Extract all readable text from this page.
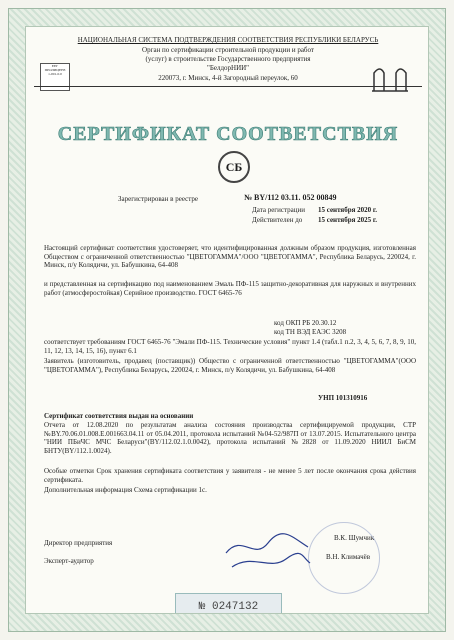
ЕЕГ
ПРОЛИЦЕНЗ
1-001-0.0
НАЦИОНАЛЬНАЯ СИСТЕМА ПОДТВЕРЖДЕНИЯ СООТВЕТСТВИЯ РЕСПУБЛИКИ БЕЛАРУСЬ
Орган по сертификации строительной продукции и работ
(услуг) в строительстве Государственного предприятия
"БелдорНИИ"
220073, г. Минск, 4-й Загородный переулок, 60
СЕРТИФИКАТ СООТВЕТСТВИЯ
СБ
Зарегистрирован в реестре	№ BY/112 03.11. 052 00849
Дата регистрации 15 сентября 2020 г.
Действителен до 15 сентября 2025 г.
Настоящий сертификат соответствия удостоверяет, что идентифицированная должным образом продукция, изготовленная Обществом с ограниченной ответственностью "ЦВЕТОГАММА"/ООО "ЦВЕТОГАММА", Республика Беларусь, 220024, г. Минск, п/у Колядичи, ул. Бабушкина, 64-408
и представленная на сертификацию под наименованием Эмаль ПФ-115 защитно-декоративная для наружных и внутренних работ (атмосферостойкая) Серийное производство. ГОСТ 6465-76
код ОКП РБ 20.30.12
код ТН ВЭД ЕАЭС 3208
соответствует требованиям ГОСТ 6465-76 "Эмали ПФ-115. Технические условия" пункт 1.4 (табл.1 п.2, 3, 4, 5, 6, 7, 8, 9, 10, 11, 12, 13, 14, 15, 16), пункт 6.1
Заявитель (изготовитель, продавец (поставщик)) Общество с ограниченной ответственностью "ЦВЕТОГАММА"(ООО "ЦВЕТОГАММА"), Республика Беларусь, 220024, г. Минск, п/у Колядичи, ул. Бабушкина, 64-408
УНП 101310916
Сертификат соответствия выдан на основании
Отчета от 12.08.2020 по результатам анализа состояния производства сертифицируемой продукции, СТР №BY.70.06.01.008.Е.001663.04.11 от 05.04.2011, протокола испытаний №04-52/987П от 13.07.2015. Испытательного центра "НИИ ПБиЧС МЧС Беларуси"(BY/112.02.1.0.0042), протокола испытаний №2828 от 11.09.2020 НИИЛ БиСМ БНТУ(BY/112.1.0024).
Особые отметки Срок хранения сертификата соответствия у заявителя - не менее 5 лет после окончания срока действия сертификата.
Дополнительная информация Схема сертификации 1с.
Директор предприятия
В.К. Шумчик
Эксперт-аудитор	В.Н. Климачёв
№ 0247132
